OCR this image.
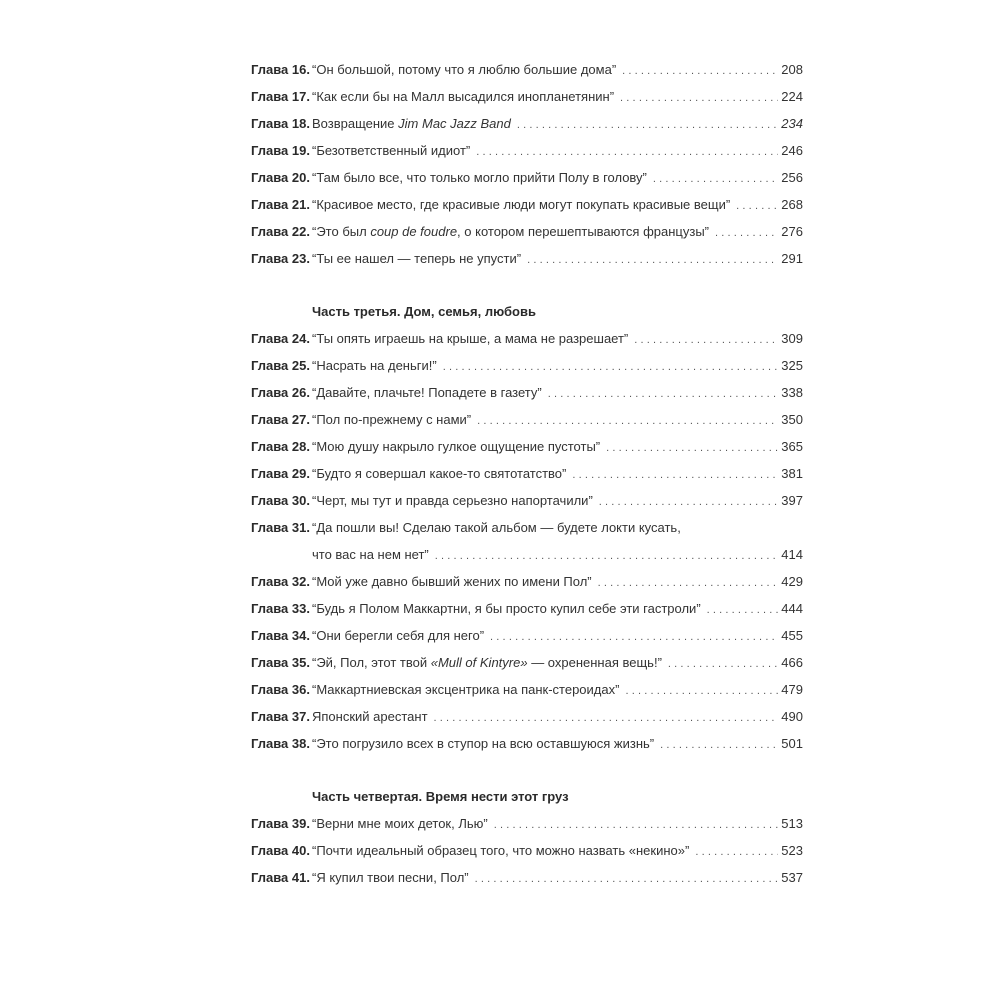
Глава 16. “Он большой, потому что я люблю большие дома” .....	208
Глава 17. “Как если бы на Малл высадился инопланетянин” .....	224
Глава 18. Возвращение Jim Mac Jazz Band .....	234
Глава 19. “Безответственный идиот” .....	246
Глава 20. “Там было все, что только могло прийти Полу в голову” .....	256
Глава 21. “Красивое место, где красивые люди могут покупать красивые вещи” .....	268
Глава 22. “Это был coup de foudre, о котором перешептываются французы” .....	276
Глава 23. “Ты ее нашел — теперь не упусти” .....	291
Часть третья. Дом, семья, любовь
Глава 24. “Ты опять играешь на крыше, а мама не разрешает” .....	309
Глава 25. “Насрать на деньги!” .....	325
Глава 26. “Давайте, плачьте! Попадете в газету” .....	338
Глава 27. “Пол по-прежнему с нами” .....	350
Глава 28. “Мою душу накрыло гулкое ощущение пустоты” .....	365
Глава 29. “Будто я совершал какое-то святотатство” .....	381
Глава 30. “Черт, мы тут и правда серьезно напортачили” .....	397
Глава 31. “Да пошли вы! Сделаю такой альбом — будете локти кусать,
что вас на нем нет” .....	414
Глава 32. “Мой уже давно бывший жених по имени Пол” .....	429
Глава 33. “Будь я Полом Маккартни, я бы просто купил себе эти гастроли” .....	444
Глава 34. “Они берегли себя для него” .....	455
Глава 35. “Эй, Пол, этот твой «Mull of Kintyre» — охрененная вещь!” .....	466
Глава 36. “Маккартниевская эксцентрика на панк-стероидах” .....	479
Глава 37. Японский арестант .....	490
Глава 38. “Это погрузило всех в ступор на всю оставшуюся жизнь” .....	501
Часть четвертая. Время нести этот груз
Глава 39. “Верни мне моих деток, Лью” .....	513
Глава 40. “Почти идеальный образец того, что можно назвать «некино»” .....	523
Глава 41. “Я купил твои песни, Пол” .....	537
